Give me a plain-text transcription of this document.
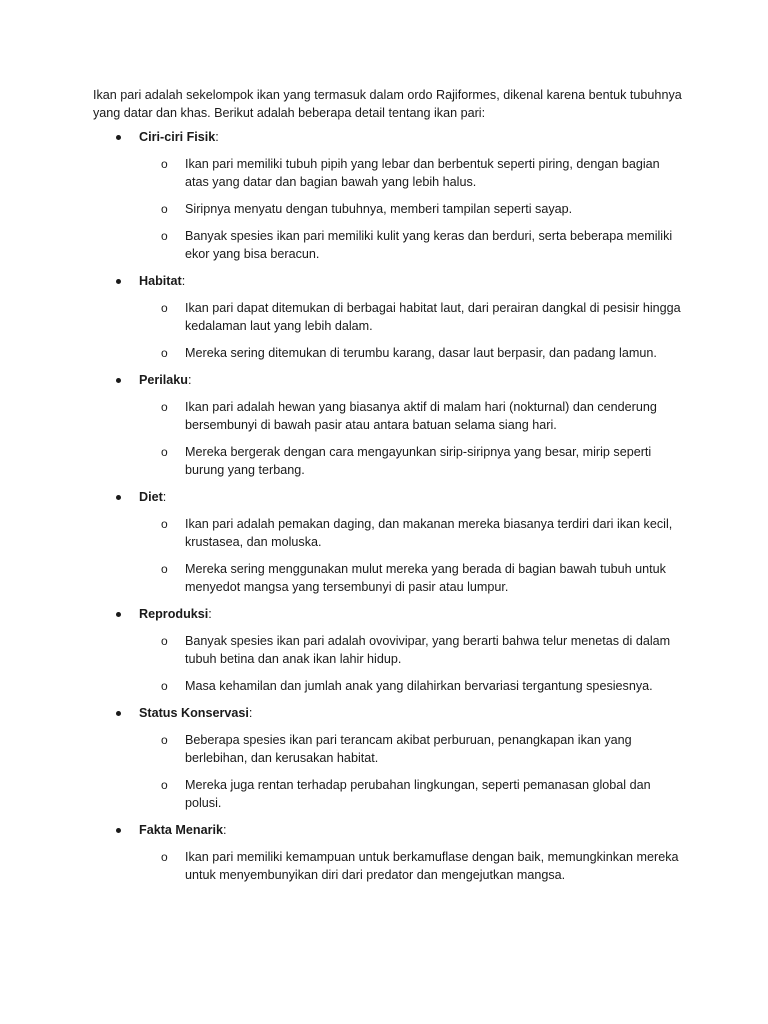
Ikan pari adalah sekelompok ikan yang termasuk dalam ordo Rajiformes, dikenal karena bentuk tubuhnya yang datar dan khas. Berikut adalah beberapa detail tentang ikan pari:

Ciri-ciri Fisik:
o Ikan pari memiliki tubuh pipih yang lebar dan berbentuk seperti piring, dengan bagian atas yang datar dan bagian bawah yang lebih halus.
o Siripnya menyatu dengan tubuhnya, memberi tampilan seperti sayap.
o Banyak spesies ikan pari memiliki kulit yang keras dan berduri, serta beberapa memiliki ekor yang bisa beracun.
Habitat:
o Ikan pari dapat ditemukan di berbagai habitat laut, dari perairan dangkal di pesisir hingga kedalaman laut yang lebih dalam.
o Mereka sering ditemukan di terumbu karang, dasar laut berpasir, dan padang lamun.
Perilaku:
o Ikan pari adalah hewan yang biasanya aktif di malam hari (nokturnal) dan cenderung bersembunyi di bawah pasir atau antara batuan selama siang hari.
o Mereka bergerak dengan cara mengayunkan sirip-siripnya yang besar, mirip seperti burung yang terbang.
Diet:
o Ikan pari adalah pemakan daging, dan makanan mereka biasanya terdiri dari ikan kecil, krustasea, dan moluska.
o Mereka sering menggunakan mulut mereka yang berada di bagian bawah tubuh untuk menyedot mangsa yang tersembunyi di pasir atau lumpur.
Reproduksi:
o Banyak spesies ikan pari adalah ovovivipar, yang berarti bahwa telur menetas di dalam tubuh betina dan anak ikan lahir hidup.
o Masa kehamilan dan jumlah anak yang dilahirkan bervariasi tergantung spesiesnya.
Status Konservasi:
o Beberapa spesies ikan pari terancam akibat perburuan, penangkapan ikan yang berlebihan, dan kerusakan habitat.
o Mereka juga rentan terhadap perubahan lingkungan, seperti pemanasan global dan polusi.
Fakta Menarik:
o Ikan pari memiliki kemampuan untuk berkamuflase dengan baik, memungkinkan mereka untuk menyembunyikan diri dari predator dan mengejutkan mangsa.
